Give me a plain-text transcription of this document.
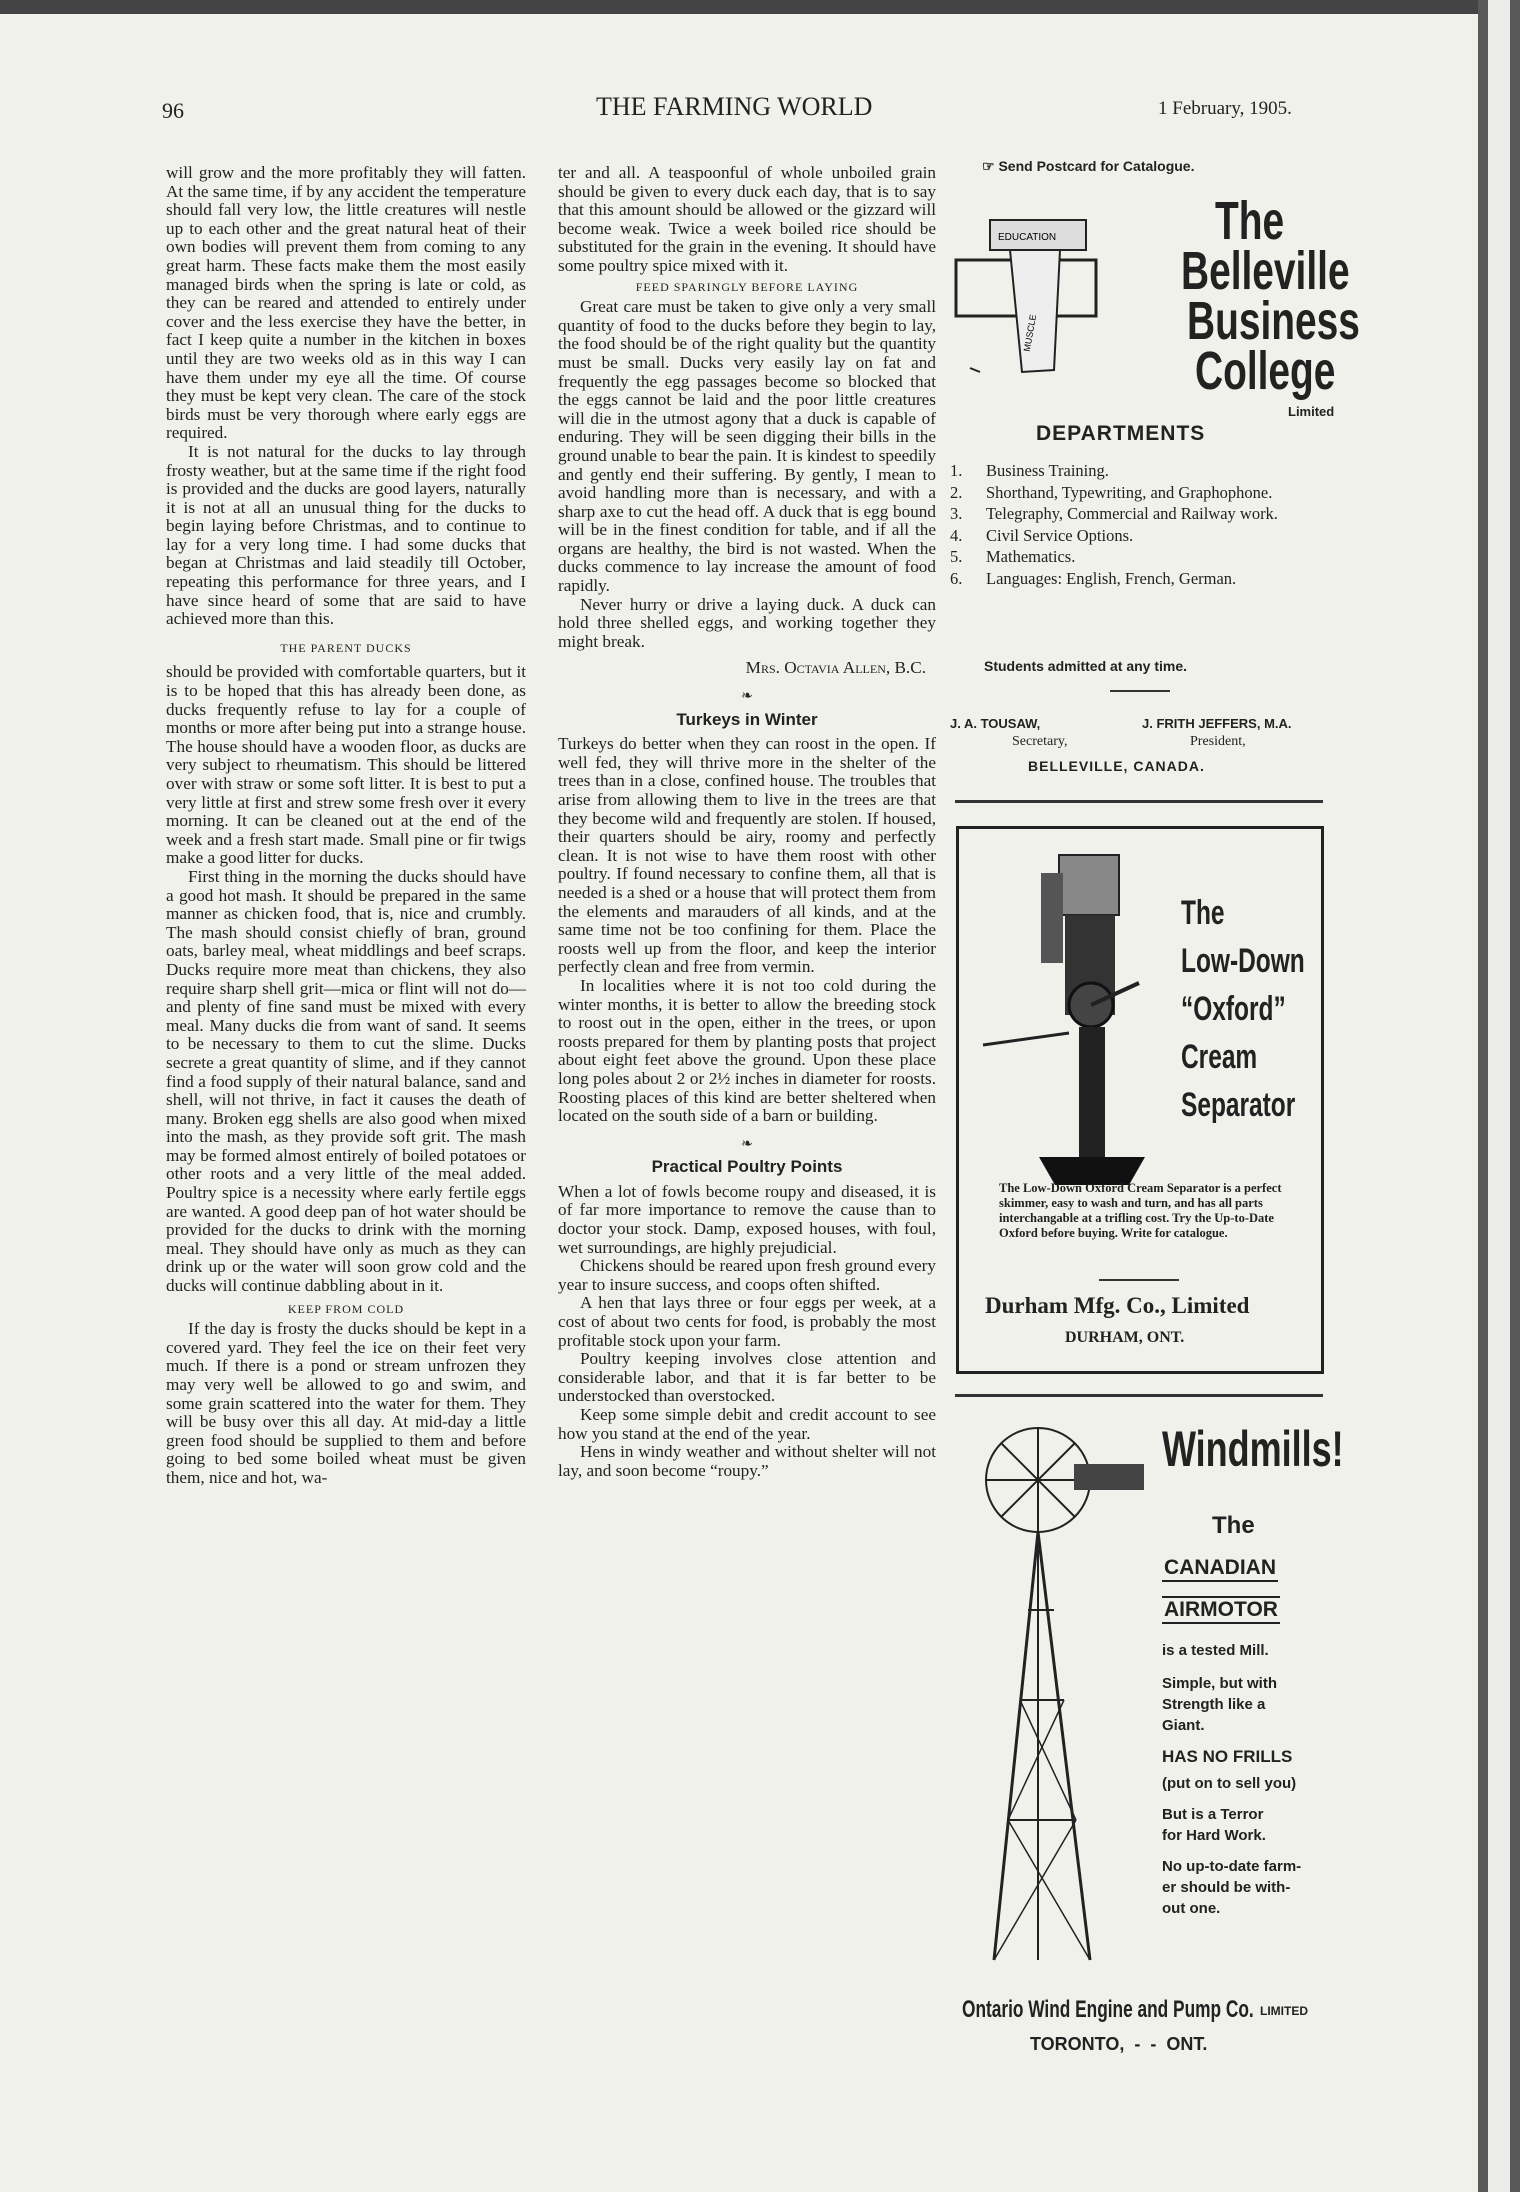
96	THE FARMING WORLD	1 February, 1905.

will grow and the more profitably they will fatten. At the same time, if by any accident the temperature should fall very low, the little creatures will nestle up to each other and the great natural heat of their own bodies will prevent them from coming to any great harm. These facts make them the most easily managed birds when the spring is late or cold, as they can be reared and attended to entirely under cover and the less exercise they have the better, in fact I keep quite a number in the kitchen in boxes until they are two weeks old as in this way I can have them under my eye all the time. Of course they must be kept very clean. The care of the stock birds must be very thorough where early eggs are required.

It is not natural for the ducks to lay through frosty weather, but at the same time if the right food is provided and the ducks are good layers, naturally it is not at all an unusual thing for the ducks to begin laying before Christmas, and to continue to lay for a very long time. I had some ducks that began at Christmas and laid steadily till October, repeating this performance for three years, and I have since heard of some that are said to have achieved more than this.

THE PARENT DUCKS

should be provided with comfortable quarters, but it is to be hoped that this has already been done, as ducks frequently refuse to lay for a couple of months or more after being put into a strange house. The house should have a wooden floor, as ducks are very subject to rheumatism. This should be littered over with straw or some soft litter. It is best to put a very little at first and strew some fresh over it every morning. It can be cleaned out at the end of the week and a fresh start made. Small pine or fir twigs make a good litter for ducks.

First thing in the morning the ducks should have a good hot mash. It should be prepared in the same manner as chicken food, that is, nice and crumbly. The mash should consist chiefly of bran, ground oats, barley meal, wheat middlings and beef scraps. Ducks require more meat than chickens, they also require sharp shell grit—mica or flint will not do—and plenty of fine sand must be mixed with every meal. Many ducks die from want of sand. It seems to be necessary to them to cut the slime. Ducks secrete a great quantity of slime, and if they cannot find a food supply of their natural balance, sand and shell, will not thrive, in fact it causes the death of many. Broken egg shells are also good when mixed into the mash, as they provide soft grit. The mash may be formed almost entirely of boiled potatoes or other roots and a very little of the meal added. Poultry spice is a necessity where early fertile eggs are wanted. A good deep pan of hot water should be provided for the ducks to drink with the morning meal. They should have only as much as they can drink up or the water will soon grow cold and the ducks will continue dabbling about in it.

KEEP FROM COLD

If the day is frosty the ducks should be kept in a covered yard. They feel the ice on their feet very much. If there is a pond or stream unfrozen they may very well be allowed to go and swim, and some grain scattered into the water for them. They will be busy over this all day. At mid-day a little green food should be supplied to them and before going to bed some boiled wheat must be given them, nice and hot, wa-

ter and all. A teaspoonful of whole unboiled grain should be given to every duck each day, that is to say that this amount should be allowed or the gizzard will become weak. Twice a week boiled rice should be substituted for the grain in the evening. It should have some poultry spice mixed with it.

FEED SPARINGLY BEFORE LAYING

Great care must be taken to give only a very small quantity of food to the ducks before they begin to lay, the food should be of the right quality but the quantity must be small. Ducks very easily lay on fat and frequently the egg passages become so blocked that the eggs cannot be laid and the poor little creatures will die in the utmost agony that a duck is capable of enduring. They will be seen digging their bills in the ground unable to bear the pain. It is kindest to speedily and gently end their suffering. By gently, I mean to avoid handling more than is necessary, and with a sharp axe to cut the head off. A duck that is egg bound will be in the finest condition for table, and if all the organs are healthy, the bird is not wasted. When the ducks commence to lay increase the amount of food rapidly.

Never hurry or drive a laying duck. A duck can hold three shelled eggs, and working together they might break.

Mrs. Octavia Allen, B.C.
❧
Turkeys in Winter

Turkeys do better when they can roost in the open. If well fed, they will thrive more in the shelter of the trees than in a close, confined house. The troubles that arise from allowing them to live in the trees are that they become wild and frequently are stolen. If housed, their quarters should be airy, roomy and perfectly clean. It is not wise to have them roost with other poultry. If found necessary to confine them, all that is needed is a shed or a house that will protect them from the elements and marauders of all kinds, and at the same time not be too confining for them. Place the roosts well up from the floor, and keep the interior perfectly clean and free from vermin.

In localities where it is not too cold during the winter months, it is better to allow the breeding stock to roost out in the open, either in the trees, or upon roosts prepared for them by planting posts that project about eight feet above the ground. Upon these place long poles about 2 or 2½ inches in diameter for roosts. Roosting places of this kind are better sheltered when located on the south side of a barn or building.

❧
Practical Poultry Points

When a lot of fowls become roupy and diseased, it is of far more importance to remove the cause than to doctor your stock. Damp, exposed houses, with foul, wet surroundings, are highly prejudicial.

Chickens should be reared upon fresh ground every year to insure success, and coops often shifted.

A hen that lays three or four eggs per week, at a cost of about two cents for food, is probably the most profitable stock upon your farm.

Poultry keeping involves close attention and considerable labor, and that it is far better to be understocked than overstocked.

Keep some simple debit and credit account to see how you stand at the end of the year.

Hens in windy weather and without shelter will not lay, and soon become “roupy.”

☞ Send Postcard for Catalogue.
EDUCATION
MUSCLE
The
Belleville
Business
College
Limited
DEPARTMENTS
1.	Business Training.
2.	Shorthand, Typewriting, and Graphophone.
3.	Telegraphy, Commercial and Railway work.
4.	Civil Service Options.
5.	Mathematics.
6.	Languages: English, French, German.
Students admitted at any time.
J. A. TOUSAW,
Secretary,
J. FRITH JEFFERS, M.A.
President,
BELLEVILLE, CANADA.
The
Low-Down
“Oxford”
Cream
Separator
The Low-Down Oxford Cream Separator is a perfect skimmer, easy to wash and turn, and has all parts interchangable at a trifling cost. Try the Up-to-Date Oxford before buying. Write for catalogue.
Durham Mfg. Co., Limited
DURHAM, ONT.
Windmills!
The
CANADIAN
AIRMOTOR
is a tested Mill.
Simple, but with
Strength like a
Giant.
HAS NO FRILLS
(put on to sell you)
But is a Terror
for Hard Work.
No up-to-date farm-
er should be with-
out one.
Ontario Wind Engine and Pump Co. LIMITED
TORONTO,  -  -  ONT.
